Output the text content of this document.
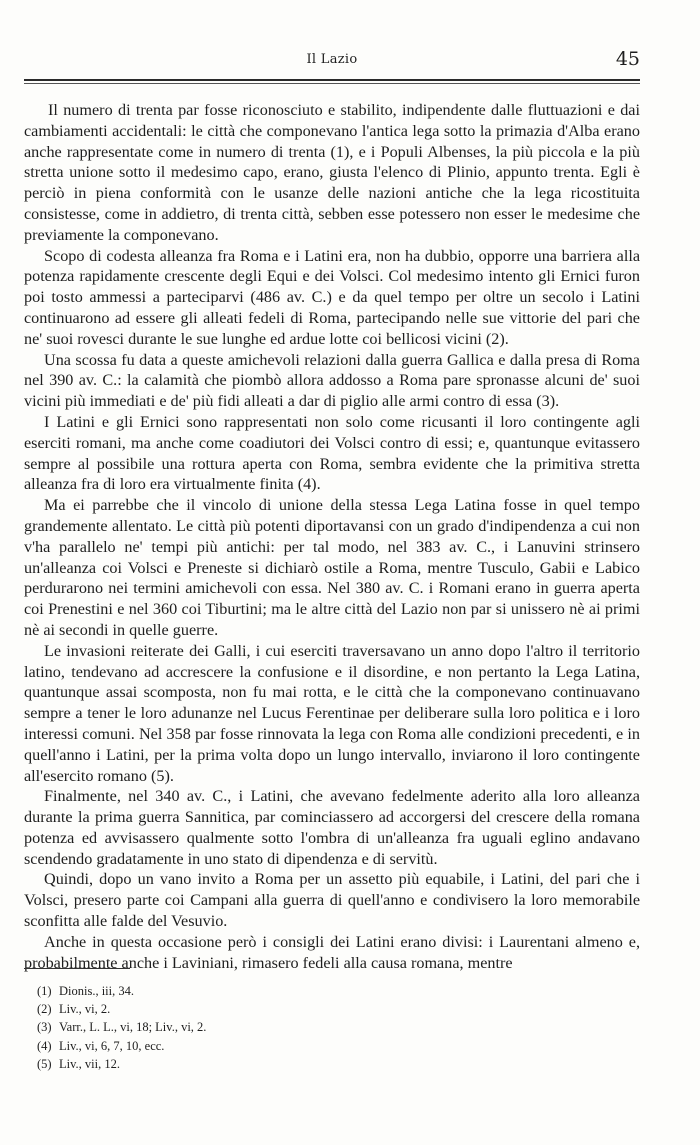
Il Lazio	45

Il numero di trenta par fosse riconosciuto e stabilito, indipendente dalle fluttuazioni e dai cambiamenti accidentali: le città che componevano l'antica lega sotto la primazia d'Alba erano anche rappresentate come in numero di trenta (1), e i Populi Albenses, la più piccola e la più stretta unione sotto il medesimo capo, erano, giusta l'elenco di Plinio, appunto trenta. Egli è perciò in piena conformità con le usanze delle nazioni antiche che la lega ricostituita consistesse, come in addietro, di trenta città, sebben esse potessero non esser le medesime che previamente la componevano.

Scopo di codesta alleanza fra Roma e i Latini era, non ha dubbio, opporre una barriera alla potenza rapidamente crescente degli Equi e dei Volsci. Col medesimo intento gli Ernici furon poi tosto ammessi a parteciparvi (486 av. C.) e da quel tempo per oltre un secolo i Latini continuarono ad essere gli alleati fedeli di Roma, partecipando nelle sue vittorie del pari che ne' suoi rovesci durante le sue lunghe ed ardue lotte coi bellicosi vicini (2).

Una scossa fu data a queste amichevoli relazioni dalla guerra Gallica e dalla presa di Roma nel 390 av. C.: la calamità che piombò allora addosso a Roma pare spronasse alcuni de' suoi vicini più immediati e de' più fidi alleati a dar di piglio alle armi contro di essa (3).

I Latini e gli Ernici sono rappresentati non solo come ricusanti il loro contingente agli eserciti romani, ma anche come coadiutori dei Volsci contro di essi; e, quantunque evitassero sempre al possibile una rottura aperta con Roma, sembra evidente che la primitiva stretta alleanza fra di loro era virtualmente finita (4).

Ma ei parrebbe che il vincolo di unione della stessa Lega Latina fosse in quel tempo grandemente allentato. Le città più potenti diportavansi con un grado d'indipendenza a cui non v'ha parallelo ne' tempi più antichi: per tal modo, nel 383 av. C., i Lanuvini strinsero un'alleanza coi Volsci e Preneste si dichiarò ostile a Roma, mentre Tusculo, Gabii e Labico perdurarono nei termini amichevoli con essa. Nel 380 av. C. i Romani erano in guerra aperta coi Prenestini e nel 360 coi Tiburtini; ma le altre città del Lazio non par si unissero nè ai primi nè ai secondi in quelle guerre.

Le invasioni reiterate dei Galli, i cui eserciti traversavano un anno dopo l'altro il territorio latino, tendevano ad accrescere la confusione e il disordine, e non pertanto la Lega Latina, quantunque assai scomposta, non fu mai rotta, e le città che la componevano continuavano sempre a tener le loro adunanze nel Lucus Ferentinae per deliberare sulla loro politica e i loro interessi comuni. Nel 358 par fosse rinnovata la lega con Roma alle condizioni precedenti, e in quell'anno i Latini, per la prima volta dopo un lungo intervallo, inviarono il loro contingente all'esercito romano (5).

Finalmente, nel 340 av. C., i Latini, che avevano fedelmente aderito alla loro alleanza durante la prima guerra Sannitica, par cominciassero ad accorgersi del crescere della romana potenza ed avvisassero qualmente sotto l'ombra di un'alleanza fra uguali eglino andavano scendendo gradatamente in uno stato di dipendenza e di servitù.

Quindi, dopo un vano invito a Roma per un assetto più equabile, i Latini, del pari che i Volsci, presero parte coi Campani alla guerra di quell'anno e condivisero la loro memorabile sconfitta alle falde del Vesuvio.

Anche in questa occasione però i consigli dei Latini erano divisi: i Laurentani almeno e, probabilmente anche i Laviniani, rimasero fedeli alla causa romana, mentre

(1) Dionis., iii, 34.
(2) Liv., vi, 2.
(3) Varr., L. L., vi, 18; Liv., vi, 2.
(4) Liv., vi, 6, 7, 10, ecc.
(5) Liv., vii, 12.
